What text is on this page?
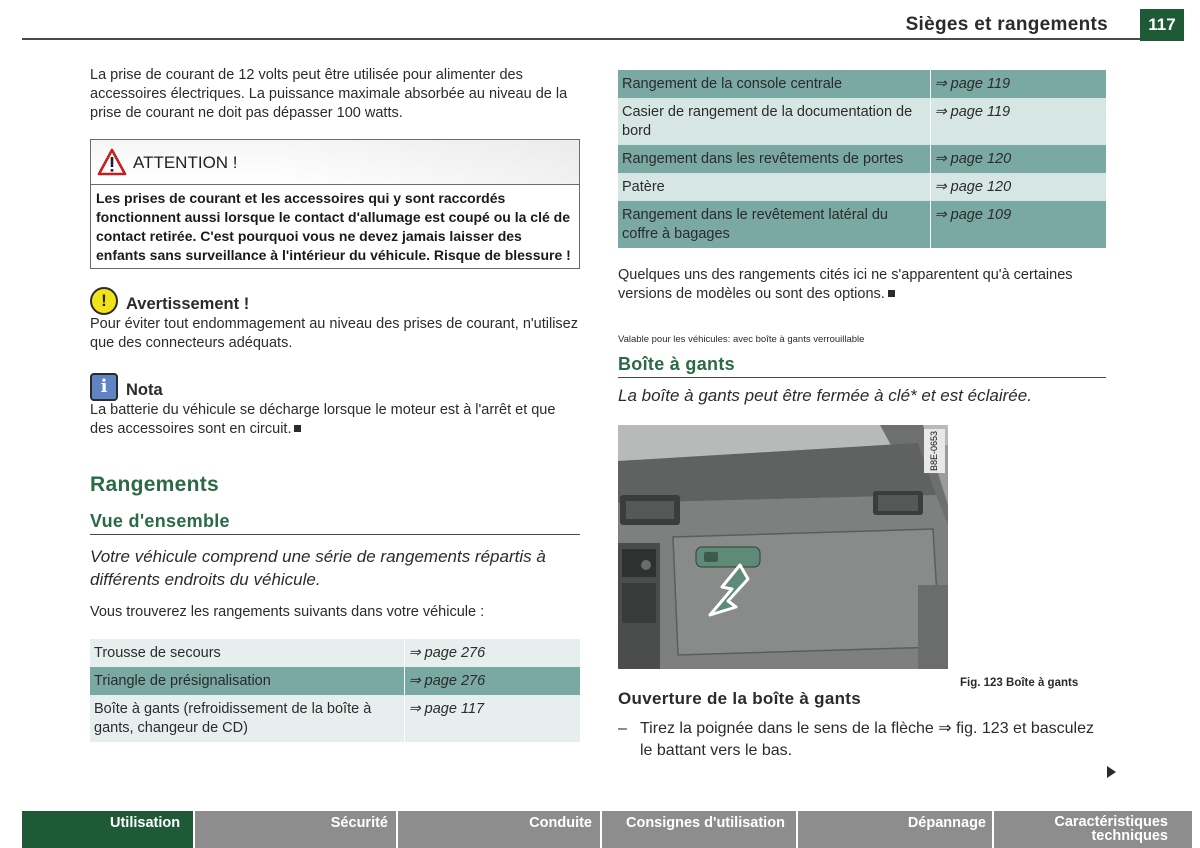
Sièges et rangements	117

La prise de courant de 12 volts peut être utilisée pour alimenter des accessoires électriques. La puissance maximale absorbée au niveau de la prise de courant ne doit pas dépasser 100 watts.

ATTENTION !
Les prises de courant et les accessoires qui y sont raccordés fonctionnent aussi lorsque le contact d'allumage est coupé ou la clé de contact retirée. C'est pourquoi vous ne devez jamais laisser des enfants sans surveillance à l'intérieur du véhicule. Risque de blessure !
!	Avertissement !

Pour éviter tout endommagement au niveau des prises de courant, n'utilisez que des connecteurs adéquats.

i	Nota

La batterie du véhicule se décharge lorsque le moteur est à l'arrêt et que des accessoires sont en circuit.

Rangements
Vue d'ensemble

Votre véhicule comprend une série de rangements répartis à différents endroits du véhicule.

Vous trouverez les rangements suivants dans votre véhicule :

Trousse de secours	⇒ page 276
Triangle de présignalisation	⇒ page 276
Boîte à gants (refroidissement de la boîte à gants, changeur de CD)	⇒ page 117
Rangement de la console centrale	⇒ page 119
Casier de rangement de la documentation de bord	⇒ page 119
Rangement dans les revêtements de portes	⇒ page 120
Patère	⇒ page 120
Rangement dans le revêtement latéral du coffre à bagages	⇒ page 109

Quelques uns des rangements cités ici ne s'apparentent qu'à certaines versions de modèles ou sont des options.

Valable pour les véhicules: avec boîte à gants verrouillable

Boîte à gants

La boîte à gants peut être fermée à clé* et est éclairée.

B8E-0653
Ouverture de la boîte à gants
– Tirez la poignée dans le sens de la flèche ⇒ fig. 123 et basculez le battant vers le bas.
Fig. 123 Boîte à gants
Utilisation	Sécurité	Conduite	Consignes d'utilisation	Dépannage	Caractéristiques techniques
